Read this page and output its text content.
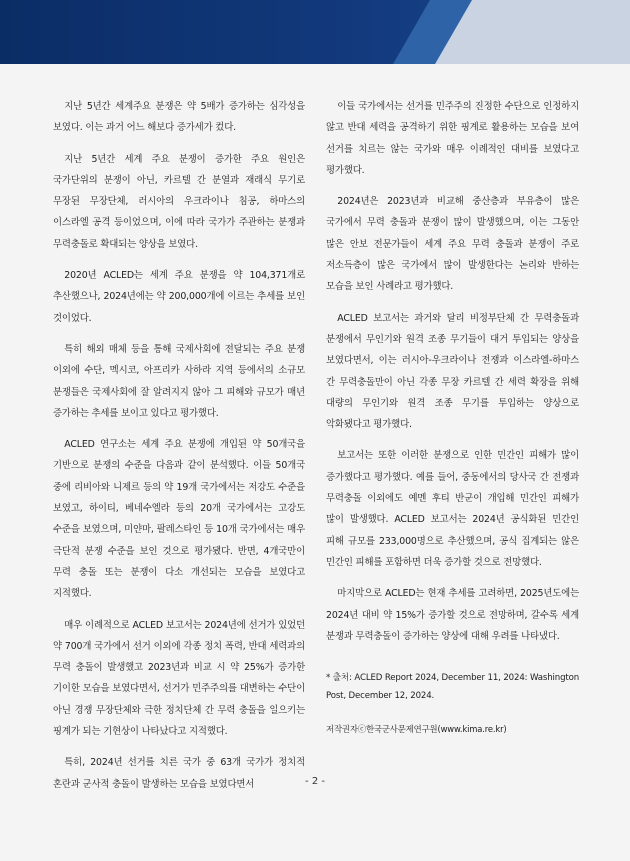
지난 5년간 세계주요 분쟁은 약 5배가 증가하는 심각성을 보였다. 이는 과거 어느 해보다 증가세가 컸다.

지난 5년간 세계 주요 분쟁이 증가한 주요 원인은 국가단위의 분쟁이 아닌, 카르텔 간 분열과 재래식 무기로 무장된 무장단체, 러시아의 우크라이나 침공, 하마스의 이스라엘 공격 등이었으며, 이에 따라 국가가 주관하는 분쟁과 무력충돌로 확대되는 양상을 보였다.

2020년 ACLED는 세계 주요 분쟁을 약 104,371개로 추산했으나, 2024년에는 약 200,000개에 이르는 추세를 보인 것이었다.

특히 해외 매체 등을 통해 국제사회에 전달되는 주요 분쟁 이외에 수단, 멕시코, 아프리카 사하라 지역 등에서의 소규모 분쟁들은 국제사회에 잘 알려지지 않아 그 피해와 규모가 매년 증가하는 추세를 보이고 있다고 평가했다.

ACLED 연구소는 세계 주요 분쟁에 개입된 약 50개국을 기반으로 분쟁의 수준을 다음과 같이 분석했다. 이들 50개국 중에 리비아와 니제르 등의 약 19개 국가에서는 저강도 수준을 보였고, 하이티, 베네수엘라 등의 20개 국가에서는 고강도 수준을 보였으며, 미얀마, 팔레스타인 등 10개 국가에서는 매우 극단적 분쟁 수준을 보인 것으로 평가됐다. 반면, 4개국만이 무력 충돌 또는 분쟁이 다소 개선되는 모습을 보였다고 지적했다.

매우 이례적으로 ACLED 보고서는 2024년에 선거가 있었던 약 700개 국가에서 선거 이외에 각종 정치 폭력, 반대 세력과의 무력 충돌이 발생했고 2023년과 비교 시 약 25%가 증가한 기이한 모습을 보였다면서, 선거가 민주주의를 대변하는 수단이 아닌 경쟁 무장단체와 극한 정치단체 간 무력 충돌을 일으키는 핑계가 되는 기현상이 나타났다고 지적했다.

특히, 2024년 선거를 치른 국가 중 63개 국가가 정치적 혼란과 군사적 충돌이 발생하는 모습을 보였다면서

이들 국가에서는 선거를 민주주의 진정한 수단으로 인정하지 않고 반대 세력을 공격하기 위한 핑계로 활용하는 모습을 보여 선거를 치르는 않는 국가와 매우 이례적인 대비를 보였다고 평가했다.

2024년은 2023년과 비교해 중산층과 부유층이 많은 국가에서 무력 충돌과 분쟁이 많이 발생했으며, 이는 그동안 많은 안보 전문가들이 세계 주요 무력 충돌과 분쟁이 주로 저소득층이 많은 국가에서 많이 발생한다는 논리와 반하는 모습을 보인 사례라고 평가했다.

ACLED 보고서는 과거와 달리 비정부단체 간 무력충돌과 분쟁에서 무인기와 원격 조종 무기들이 대거 투입되는 양상을 보였다면서, 이는 러시아-우크라이나 전쟁과 이스라엘-하마스 간 무력충돌만이 아닌 각종 무장 카르텔 간 세력 확장을 위해 대량의 무인기와 원격 조종 무기를 투입하는 양상으로 악화됐다고 평가했다.

보고서는 또한 이러한 분쟁으로 인한 민간인 피해가 많이 증가했다고 평가했다. 예를 들어, 중동에서의 당사국 간 전쟁과 무력충돌 이외에도 예멘 후티 반군이 개입해 민간인 피해가 많이 발생했다. ACLED 보고서는 2024년 공식화된 민간인 피해 규모를 233,000명으로 추산했으며, 공식 집계되는 않은 민간인 피해를 포함하면 더욱 증가할 것으로 전망했다.

마지막으로 ACLED는 현재 추세를 고려하면, 2025년도에는 2024년 대비 약 15%가 증가할 것으로 전망하며, 갈수록 세계 분쟁과 무력충돌이 증가하는 양상에 대해 우려를 나타냈다.

* 출처: ACLED Report 2024, December 11, 2024: Washington Post, December 12, 2024.
저작권자ⓒ한국군사문제연구원(www.kima.re.kr)
- 2 -
